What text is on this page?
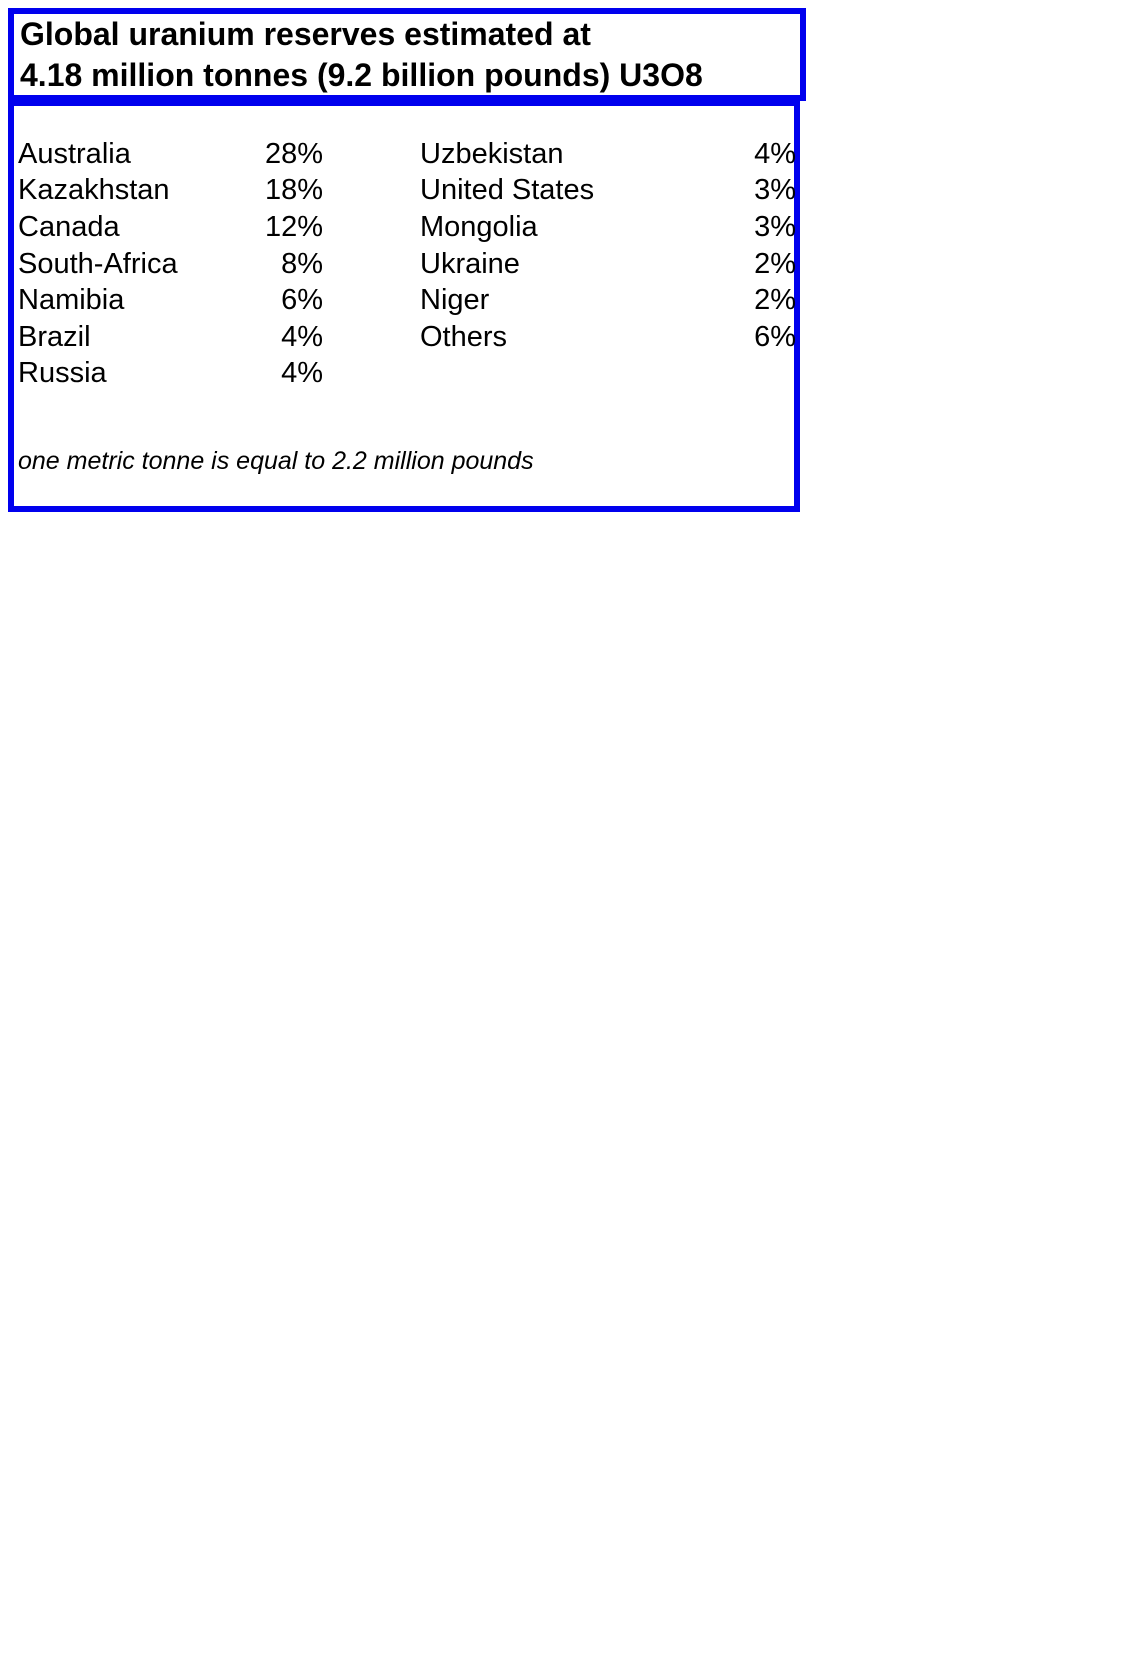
Global uranium reserves estimated at
4.18 million tonnes (9.2 billion pounds) U3O8
Australia	28%
Kazakhstan	18%
Canada	12%
South-Africa	8%
Namibia	6%
Brazil	4%
Russia	4%
Uzbekistan	4%
United States	3%
Mongolia	3%
Ukraine	2%
Niger	2%
Others	6%
one metric tonne is equal to 2.2 million pounds
